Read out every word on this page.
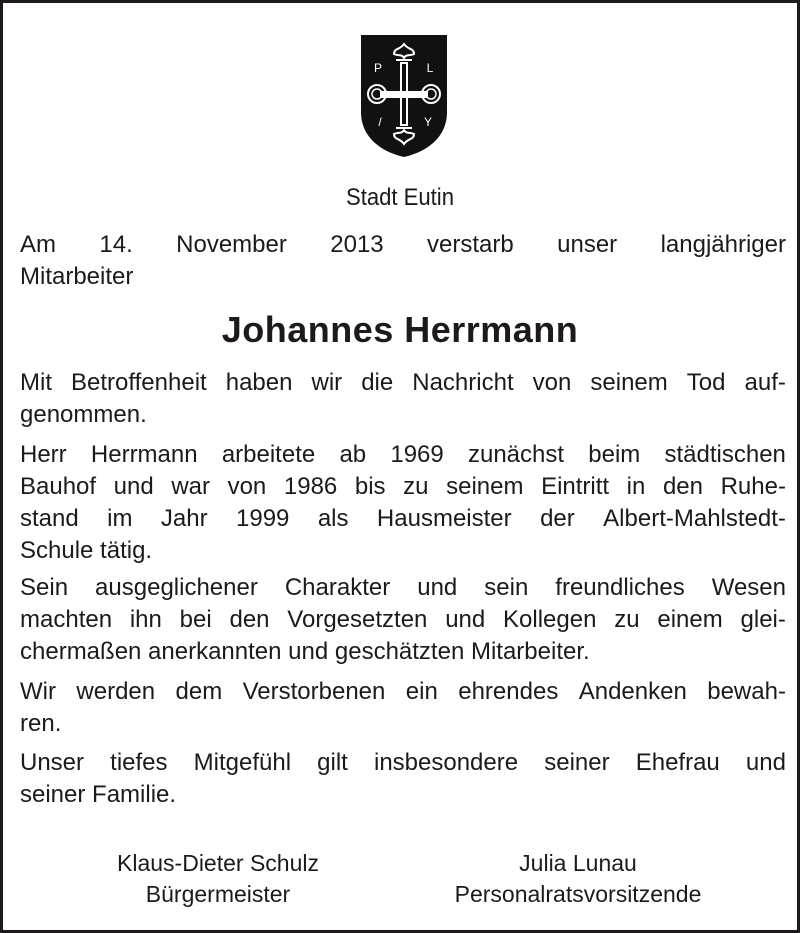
P	L
/	Y
Stadt Eutin
Am 14. November 2013 verstarb unser langjähriger
Mitarbeiter
Johannes Herrmann
Mit Betroffenheit haben wir die Nachricht von seinem Tod auf-
genommen.
Herr Herrmann arbeitete ab 1969 zunächst beim städtischen
Bauhof und war von 1986 bis zu seinem Eintritt in den Ruhe-
stand im Jahr 1999 als Hausmeister der Albert-Mahlstedt-
Schule tätig.
Sein ausgeglichener Charakter und sein freundliches Wesen
machten ihn bei den Vorgesetzten und Kollegen zu einem glei-
chermaßen anerkannten und geschätzten Mitarbeiter.
Wir werden dem Verstorbenen ein ehrendes Andenken bewah-
ren.
Unser tiefes Mitgefühl gilt insbesondere seiner Ehefrau und
seiner Familie.
Klaus-Dieter Schulz
Bürgermeister
Julia Lunau
Personalratsvorsitzende
